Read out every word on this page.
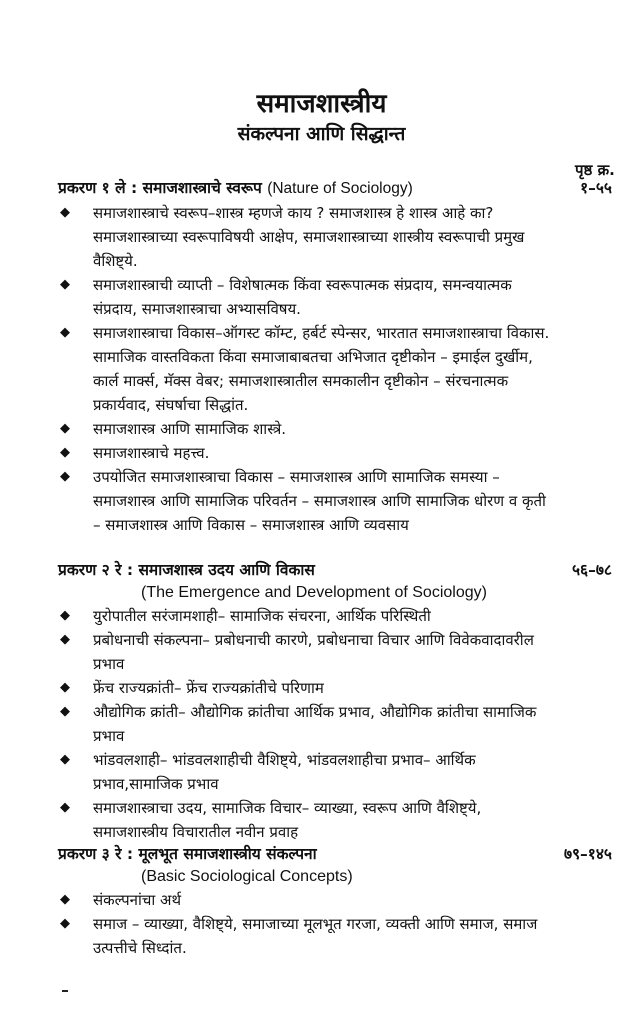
समाजशास्त्रीय
संकल्पना आणि सिद्धान्त
पृष्ठ क्र.
प्रकरण १ ले : समाजशास्त्राचे स्वरूप (Nature of Sociology)	१–५५
◆ समाजशास्त्राचे स्वरूप–शास्त्र म्हणजे काय ? समाजशास्त्र हे शास्त्र आहे का? समाजशास्त्राच्या स्वरूपाविषयी आक्षेप, समाजशास्त्राच्या शास्त्रीय स्वरूपाची प्रमुख वैशिष्ट्ये.
◆ समाजशास्त्राची व्याप्ती – विशेषात्मक किंवा स्वरूपात्मक संप्रदाय, समन्वयात्मक संप्रदाय, समाजशास्त्राचा अभ्यासविषय.
◆ समाजशास्त्राचा विकास–ऑगस्ट कॉम्ट, हर्बर्ट स्पेन्सर, भारतात समाजशास्त्राचा विकास.
सामाजिक वास्तविकता किंवा समाजाबाबतचा अभिजात दृष्टीकोन – इमाईल दुर्खीम, कार्ल मार्क्स, मॅक्स वेबर; समाजशास्त्रातील समकालीन दृष्टीकोन – संरचनात्मक प्रकार्यवाद, संघर्षाचा सिद्धांत.
◆ समाजशास्त्र आणि सामाजिक शास्त्रे.
◆ समाजशास्त्राचे महत्त्व.
◆ उपयोजित समाजशास्त्राचा विकास – समाजशास्त्र आणि सामाजिक समस्या – समाजशास्त्र आणि सामाजिक परिवर्तन – समाजशास्त्र आणि सामाजिक धोरण व कृती – समाजशास्त्र आणि विकास – समाजशास्त्र आणि व्यवसाय
प्रकरण २ रे : समाजशास्त्र उदय आणि विकास	५६–७८
(The Emergence and Development of Sociology)
◆ युरोपातील सरंजामशाही– सामाजिक संचरना, आर्थिक परिस्थिती
◆ प्रबोधनाची संकल्पना– प्रबोधनाची कारणे, प्रबोधनाचा विचार आणि विवेकवादावरील प्रभाव
◆ फ्रेंच राज्यक्रांती– फ्रेंच राज्यक्रांतीचे परिणाम
◆ औद्योगिक क्रांती– औद्योगिक क्रांतीचा आर्थिक प्रभाव, औद्योगिक क्रांतीचा सामाजिक प्रभाव
◆ भांडवलशाही– भांडवलशाहीची वैशिष्ट्ये, भांडवलशाहीचा प्रभाव– आर्थिक प्रभाव,सामाजिक प्रभाव
◆ समाजशास्त्राचा उदय, सामाजिक विचार– व्याख्या, स्वरूप आणि वैशिष्ट्ये, समाजशास्त्रीय विचारातील नवीन प्रवाह
प्रकरण ३ रे : मूलभूत समाजशास्त्रीय संकल्पना	७९–१४५
(Basic Sociological Concepts)
◆ संकल्पनांचा अर्थ
◆ समाज – व्याख्या, वैशिष्ट्ये, समाजाच्या मूलभूत गरजा, व्यक्ती आणि समाज, समाज उत्पत्तीचे सिध्दांत.
